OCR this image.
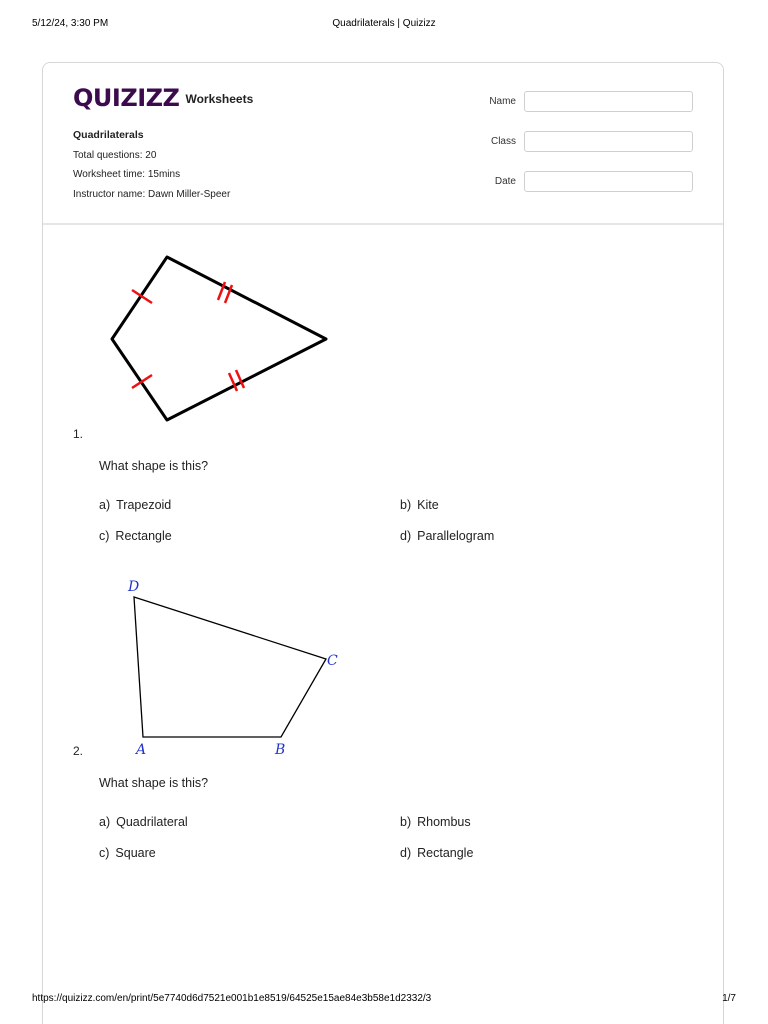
5/12/24, 3:30 PM	Quadrilaterals | Quizizz
QUIZIZZ Worksheets
Quadrilaterals
Total questions: 20
Worksheet time: 15mins
Instructor name: Dawn Miller-Speer
Name
Class
Date
1.
What shape is this?
a) Trapezoid	b) Kite
c) Rectangle	d) Parallelogram
D
C
A	B
2.
What shape is this?
a) Quadrilateral	b) Rhombus
c) Square	d) Rectangle
https://quizizz.com/en/print/5e7740d6d7521e001b1e8519/64525e15ae84e3b58e1d2332/3	1/7
